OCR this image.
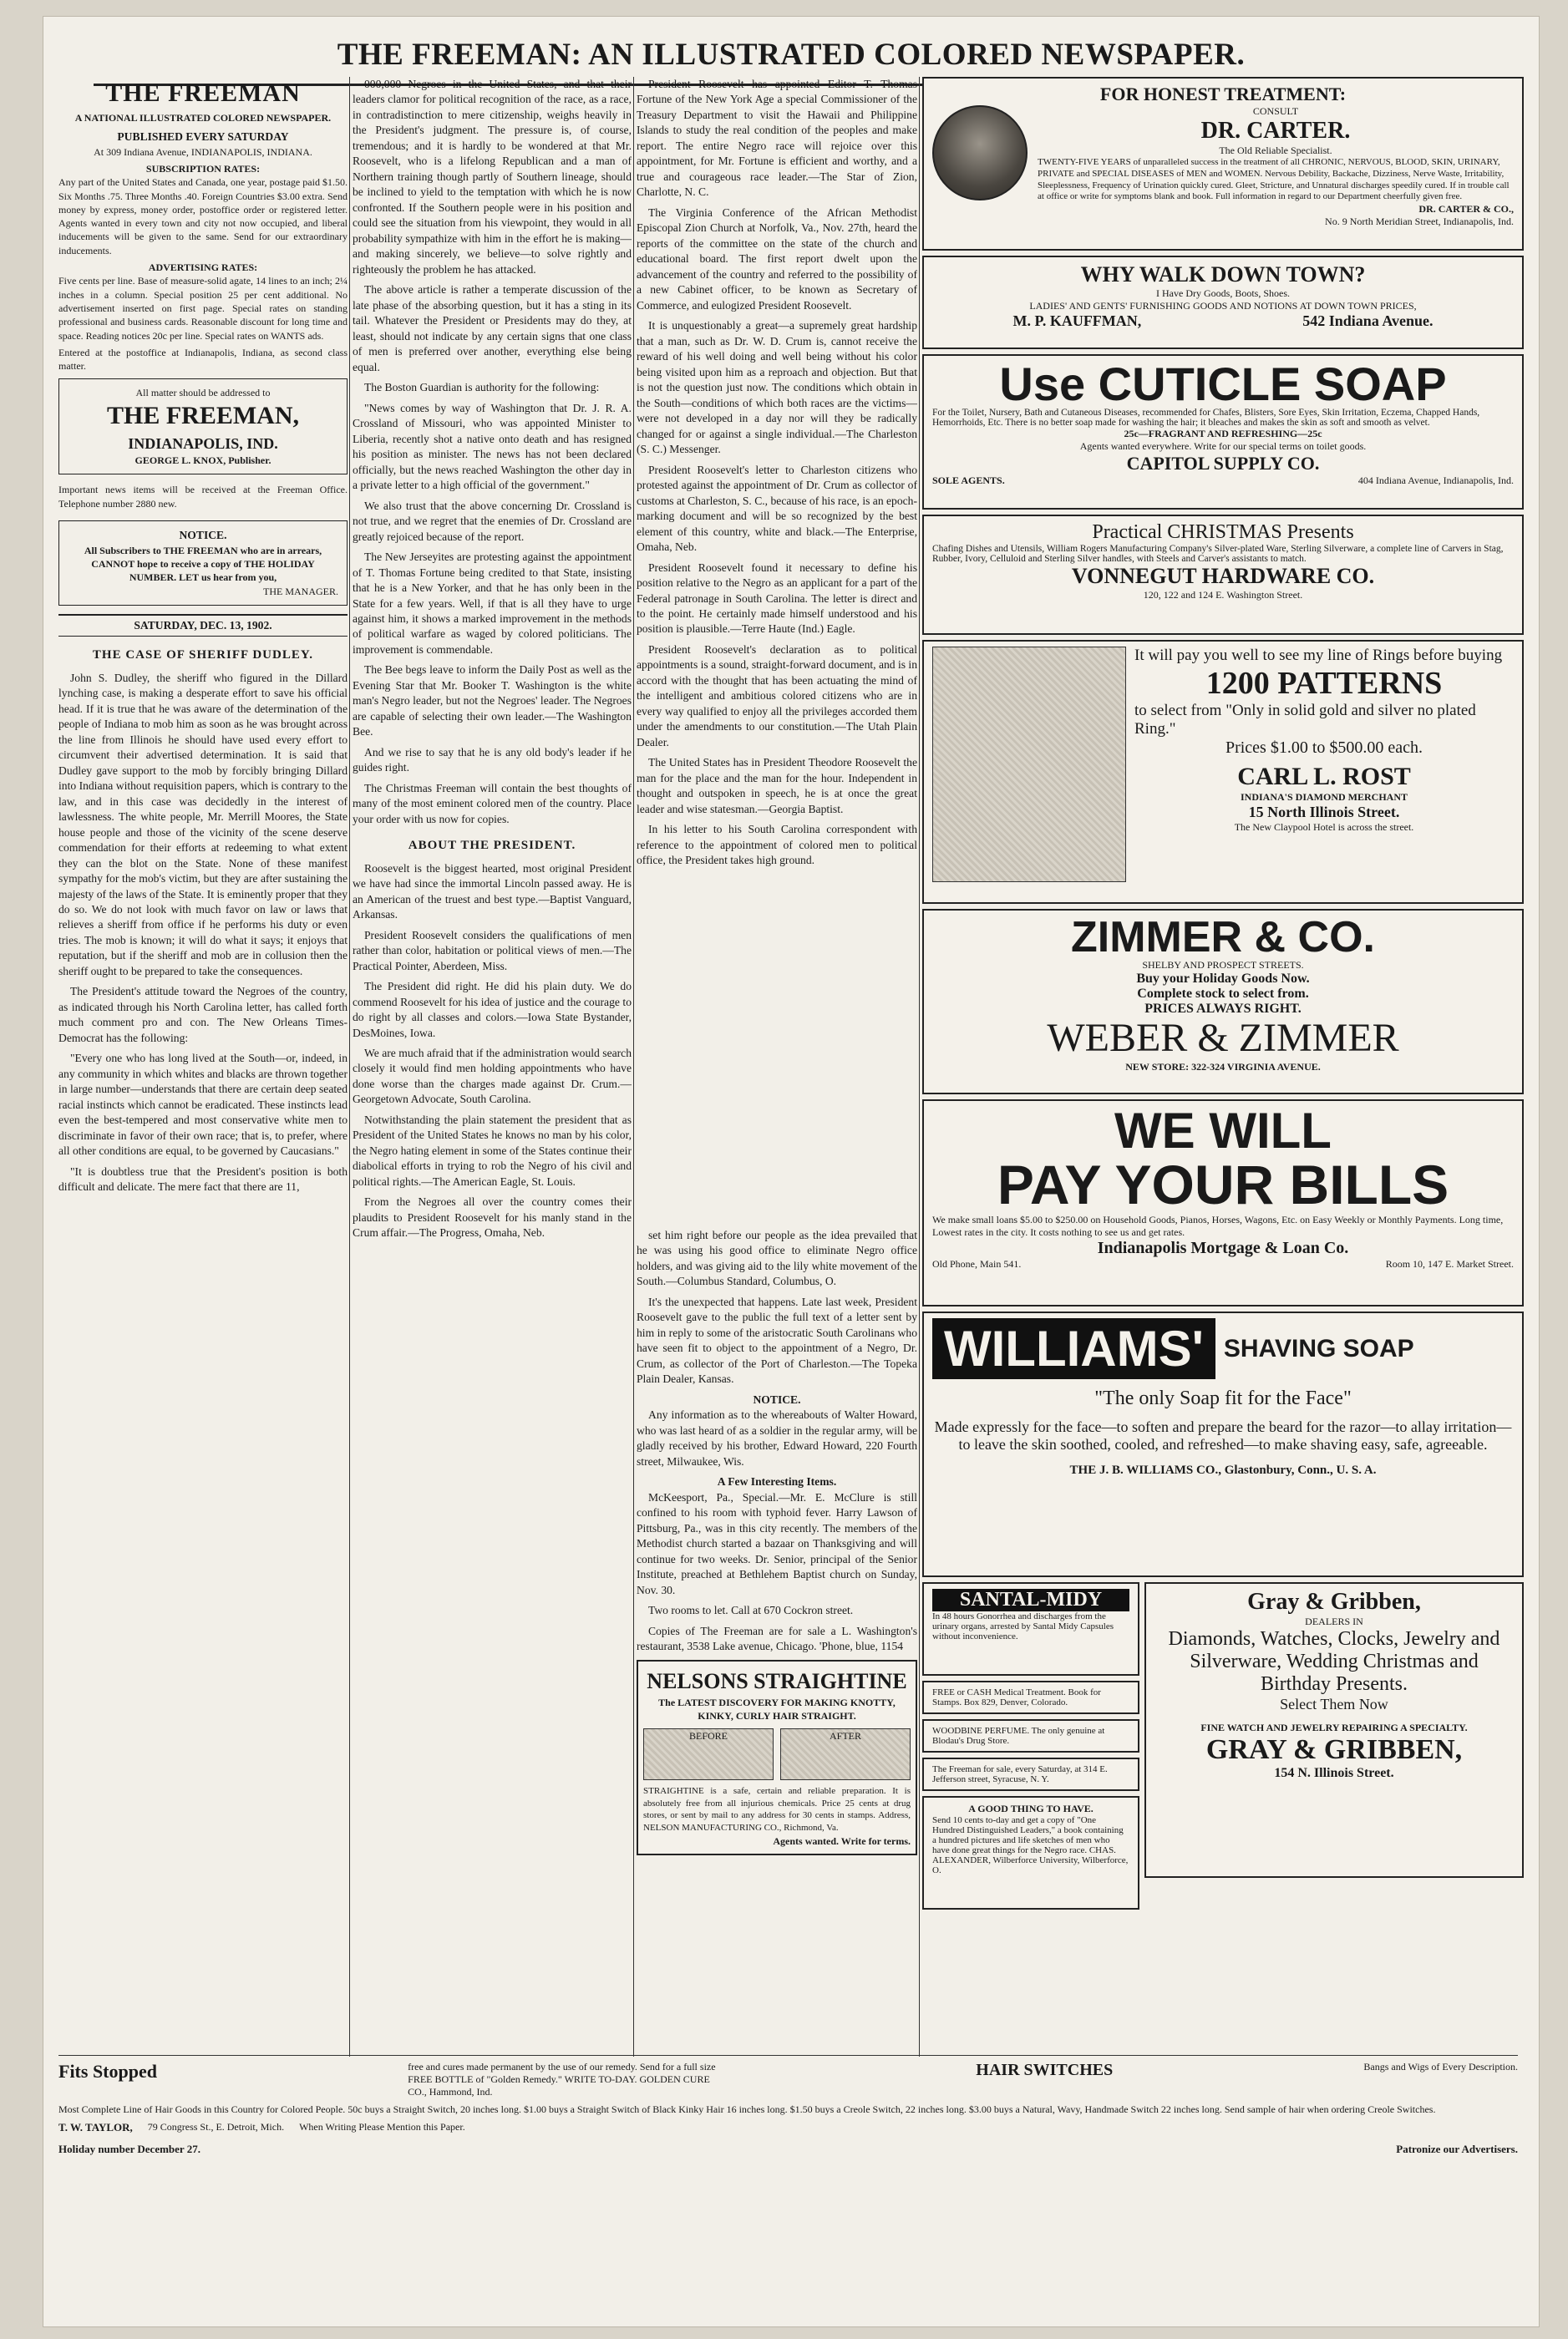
THE FREEMAN: AN ILLUSTRATED COLORED NEWSPAPER.
THE FREEMAN
A NATIONAL ILLUSTRATED COLORED NEWSPAPER.
PUBLISHED EVERY SATURDAY
At 309 Indiana Avenue, INDIANAPOLIS, INDIANA.
SUBSCRIPTION RATES:
Any part of the United States and Canada, one year, postage paid $1.50. Six Months .75. Three Months .40. Foreign Countries $3.00 extra. Send money by express, money order, postoffice order or registered letter. Agents wanted in every town and city not now occupied, and liberal inducements will be given to the same. Send for our extraordinary inducements.
ADVERTISING RATES:
Five cents per line. Base of measure-solid agate, 14 lines to an inch; 2¼ inches in a column. Special position 25 per cent additional. No advertisement inserted on first page. Special rates on standing professional and business cards. Reasonable discount for long time and space. Reading notices 20c per line. Special rates on WANTS ads.
Entered at the postoffice at Indianapolis, Indiana, as second class matter.
All matter should be addressed to
THE FREEMAN,
INDIANAPOLIS, IND.
GEORGE L. KNOX, Publisher.
Important news items will be received at the Freeman Office. Telephone number 2880 new.
NOTICE.
All Subscribers to THE FREEMAN who are in arrears, CANNOT hope to receive a copy of THE HOLIDAY NUMBER. LET us hear from you,
THE MANAGER.
SATURDAY, DEC. 13, 1902.
THE CASE OF SHERIFF DUDLEY.

John S. Dudley, the sheriff who figured in the Dillard lynching case, is making a desperate effort to save his official head. If it is true that he was aware of the determination of the people of Indiana to mob him as soon as he was brought across the line from Illinois he should have used every effort to circumvent their advertised determination. It is said that Dudley gave support to the mob by forcibly bringing Dillard into Indiana without requisition papers, which is contrary to the law, and in this case was decidedly in the interest of lawlessness. The white people, Mr. Merrill Moores, the State house people and those of the vicinity of the scene deserve commendation for their efforts at redeeming to what extent they can the blot on the State. None of these manifest sympathy for the mob's victim, but they are after sustaining the majesty of the laws of the State. It is eminently proper that they do so. We do not look with much favor on law or laws that relieves a sheriff from office if he performs his duty or even tries. The mob is known; it will do what it says; it enjoys that reputation, but if the sheriff and mob are in collusion then the sheriff ought to be prepared to take the consequences.

The President's attitude toward the Negroes of the country, as indicated through his North Carolina letter, has called forth much comment pro and con. The New Orleans Times-Democrat has the following:

"Every one who has long lived at the South—or, indeed, in any community in which whites and blacks are thrown together in large number—understands that there are certain deep seated racial instincts which cannot be eradicated. These instincts lead even the best-tempered and most conservative white men to discriminate in favor of their own race; that is, to prefer, where all other conditions are equal, to be governed by Caucasians."

"It is doubtless true that the President's position is both difficult and delicate. The mere fact that there are 11,

000,000 Negroes in the United States, and that their leaders clamor for political recognition of the race, as a race, in contradistinction to mere citizenship, weighs heavily in the President's judgment. The pressure is, of course, tremendous; and it is hardly to be wondered at that Mr. Roosevelt, who is a lifelong Republican and a man of Northern training though partly of Southern lineage, should be inclined to yield to the temptation with which he is now confronted. If the Southern people were in his position and could see the situation from his viewpoint, they would in all probability sympathize with him in the effort he is making—and making sincerely, we believe—to solve rightly and righteously the problem he has attacked.

The above article is rather a temperate discussion of the late phase of the absorbing question, but it has a sting in its tail. Whatever the President or Presidents may do they, at least, should not indicate by any certain signs that one class of men is preferred over another, everything else being equal.

The Boston Guardian is authority for the following:

"News comes by way of Washington that Dr. J. R. A. Crossland of Missouri, who was appointed Minister to Liberia, recently shot a native onto death and has resigned his position as minister. The news has not been declared officially, but the news reached Washington the other day in a private letter to a high official of the government."

We also trust that the above concerning Dr. Crossland is not true, and we regret that the enemies of Dr. Crossland are greatly rejoiced because of the report.

The New Jerseyites are protesting against the appointment of T. Thomas Fortune being credited to that State, insisting that he is a New Yorker, and that he has only been in the State for a few years. Well, if that is all they have to urge against him, it shows a marked improvement in the methods of political warfare as waged by colored politicians. The improvement is commendable.

The Bee begs leave to inform the Daily Post as well as the Evening Star that Mr. Booker T. Washington is the white man's Negro leader, but not the Negroes' leader. The Negroes are capable of selecting their own leader.—The Washington Bee.

And we rise to say that he is any old body's leader if he guides right.

The Christmas Freeman will contain the best thoughts of many of the most eminent colored men of the country. Place your order with us now for copies.

ABOUT THE PRESIDENT.

Roosevelt is the biggest hearted, most original President we have had since the immortal Lincoln passed away. He is an American of the truest and best type.—Baptist Vanguard, Arkansas.

President Roosevelt considers the qualifications of men rather than color, habitation or political views of men.—The Practical Pointer, Aberdeen, Miss.

The President did right. He did his plain duty. We do commend Roosevelt for his idea of justice and the courage to do right by all classes and colors.—Iowa State Bystander, DesMoines, Iowa.

We are much afraid that if the administration would search closely it would find men holding appointments who have done worse than the charges made against Dr. Crum.—Georgetown Advocate, South Carolina.

Notwithstanding the plain statement the president that as President of the United States he knows no man by his color, the Negro hating element in some of the States continue their diabolical efforts in trying to rob the Negro of his civil and political rights.—The American Eagle, St. Louis.

From the Negroes all over the country comes their plaudits to President Roosevelt for his manly stand in the Crum affair.—The Progress, Omaha, Neb.

President Roosevelt has appointed Editor T. Thomas Fortune of the New York Age a special Commissioner of the Treasury Department to visit the Hawaii and Philippine Islands to study the real condition of the peoples and make report. The entire Negro race will rejoice over this appointment, for Mr. Fortune is efficient and worthy, and a true and courageous race leader.—The Star of Zion, Charlotte, N. C.

The Virginia Conference of the African Methodist Episcopal Zion Church at Norfolk, Va., Nov. 27th, heard the reports of the committee on the state of the church and educational board. The first report dwelt upon the advancement of the country and referred to the possibility of a new Cabinet officer, to be known as Secretary of Commerce, and eulogized President Roosevelt.

It is unquestionably a great—a supremely great hardship that a man, such as Dr. W. D. Crum is, cannot receive the reward of his well doing and well being without his color being visited upon him as a reproach and objection. But that is not the question just now. The conditions which obtain in the South—conditions of which both races are the victims—were not developed in a day nor will they be radically changed for or against a single individual.—The Charleston (S. C.) Messenger.

President Roosevelt's letter to Charleston citizens who protested against the appointment of Dr. Crum as collector of customs at Charleston, S. C., because of his race, is an epoch-marking document and will be so recognized by the best element of this country, white and black.—The Enterprise, Omaha, Neb.

President Roosevelt found it necessary to define his position relative to the Negro as an applicant for a part of the Federal patronage in South Carolina. The letter is direct and to the point. He certainly made himself understood and his position is plausible.—Terre Haute (Ind.) Eagle.

President Roosevelt's declaration as to political appointments is a sound, straight-forward document, and is in accord with the thought that has been actuating the mind of the intelligent and ambitious colored citizens who are in every way qualified to enjoy all the privileges accorded them under the amendments to our constitution.—The Utah Plain Dealer.

The United States has in President Theodore Roosevelt the man for the place and the man for the hour. Independent in thought and outspoken in speech, he is at once the great leader and wise statesman.—Georgia Baptist.

In his letter to his South Carolina correspondent with reference to the appointment of colored men to political office, the President takes high ground.

FOR HONEST TREATMENT:
CONSULT
DR. CARTER.
The Old Reliable Specialist.
TWENTY-FIVE YEARS of unparalleled success in the treatment of all CHRONIC, NERVOUS, BLOOD, SKIN, URINARY, PRIVATE and SPECIAL DISEASES of MEN and WOMEN. Nervous Debility, Backache, Dizziness, Nerve Waste, Irritability, Sleeplessness, Frequency of Urination quickly cured. Gleet, Stricture, and Unnatural discharges speedily cured. If in trouble call at office or write for symptoms blank and book. Full information in regard to our Department cheerfully given free.
DR. CARTER & CO.,
No. 9 North Meridian Street, Indianapolis, Ind.
WHY WALK DOWN TOWN?
I Have Dry Goods, Boots, Shoes.
LADIES' AND GENTS' FURNISHING GOODS AND NOTIONS AT DOWN TOWN PRICES,
M. P. KAUFFMAN,	542 Indiana Avenue.
Use CUTICLE SOAP
For the Toilet, Nursery, Bath and Cutaneous Diseases, recommended for Chafes, Blisters, Sore Eyes, Skin Irritation, Eczema, Chapped Hands, Hemorrhoids, Etc. There is no better soap made for washing the hair; it bleaches and makes the skin as soft and smooth as velvet.
25c—FRAGRANT AND REFRESHING—25c
Agents wanted everywhere. Write for our special terms on toilet goods.
CAPITOL SUPPLY CO.
SOLE AGENTS.	404 Indiana Avenue, Indianapolis, Ind.
Practical CHRISTMAS Presents
Chafing Dishes and Utensils, William Rogers Manufacturing Company's Silver-plated Ware, Sterling Silverware, a complete line of Carvers in Stag, Rubber, Ivory, Celluloid and Sterling Silver handles, with Steels and Carver's assistants to match.
VONNEGUT HARDWARE CO.
120, 122 and 124 E. Washington Street.
It will pay you well to see my line of Rings before buying
1200 PATTERNS
to select from "Only in solid gold and silver no plated Ring."
Prices $1.00 to $500.00 each.
CARL L. ROST
INDIANA'S DIAMOND MERCHANT
15 North Illinois Street.
The New Claypool Hotel is across the street.
ZIMMER & CO.
SHELBY AND PROSPECT STREETS.
Buy your Holiday Goods Now.
Complete stock to select from.
PRICES ALWAYS RIGHT.
WEBER & ZIMMER
NEW STORE: 322-324 VIRGINIA AVENUE.
WE WILL
PAY YOUR BILLS
We make small loans $5.00 to $250.00 on Household Goods, Pianos, Horses, Wagons, Etc. on Easy Weekly or Monthly Payments. Long time, Lowest rates in the city. It costs nothing to see us and get rates.
Indianapolis Mortgage & Loan Co.
Old Phone, Main 541.	Room 10, 147 E. Market Street.
WILLIAMS' SHAVING SOAP
"The only Soap fit for the Face"
Made expressly for the face—to soften and prepare the beard for the razor—to allay irritation—to leave the skin soothed, cooled, and refreshed—to make shaving easy, safe, agreeable.
THE J. B. WILLIAMS CO., Glastonbury, Conn., U. S. A.
SANTAL-MIDY
In 48 hours Gonorrhea and discharges from the urinary organs, arrested by Santal Midy Capsules without inconvenience.
FREE or CASH Medical Treatment. Book for Stamps. Box 829, Denver, Colorado.
WOODBINE PERFUME. The only genuine at Blodau's Drug Store.
The Freeman for sale, every Saturday, at 314 E. Jefferson street, Syracuse, N. Y.
A GOOD THING TO HAVE.
Send 10 cents to-day and get a copy of "One Hundred Distinguished Leaders," a book containing a hundred pictures and life sketches of men who have done great things for the Negro race. CHAS. ALEXANDER, Wilberforce University, Wilberforce, O.
Gray & Gribben,
DEALERS IN
Diamonds, Watches, Clocks, Jewelry and Silverware, Wedding Christmas and Birthday Presents.
Select Them Now
FINE WATCH AND JEWELRY REPAIRING A SPECIALTY.
GRAY & GRIBBEN,
154 N. Illinois Street.

set him right before our people as the idea prevailed that he was using his good office to eliminate Negro office holders, and was giving aid to the lily white movement of the South.—Columbus Standard, Columbus, O.

It's the unexpected that happens. Late last week, President Roosevelt gave to the public the full text of a letter sent by him in reply to some of the aristocratic South Carolinans who have seen fit to object to the appointment of a Negro, Dr. Crum, as collector of the Port of Charleston.—The Topeka Plain Dealer, Kansas.

NOTICE.

Any information as to the whereabouts of Walter Howard, who was last heard of as a soldier in the regular army, will be gladly received by his brother, Edward Howard, 220 Fourth street, Milwaukee, Wis.

A Few Interesting Items.

McKeesport, Pa., Special.—Mr. E. McClure is still confined to his room with typhoid fever. Harry Lawson of Pittsburg, Pa., was in this city recently. The members of the Methodist church started a bazaar on Thanksgiving and will continue for two weeks. Dr. Senior, principal of the Senior Institute, preached at Bethlehem Baptist church on Sunday, Nov. 30.

Two rooms to let. Call at 670 Cockron street.

Copies of The Freeman are for sale a L. Washington's restaurant, 3538 Lake avenue, Chicago. 'Phone, blue, 1154

NELSONS STRAIGHTINE
The LATEST DISCOVERY FOR MAKING KNOTTY, KINKY, CURLY HAIR STRAIGHT.
BEFORE	AFTER
STRAIGHTINE is a safe, certain and reliable preparation. It is absolutely free from all injurious chemicals. Price 25 cents at drug stores, or sent by mail to any address for 30 cents in stamps. Address, NELSON MANUFACTURING CO., Richmond, Va.
Agents wanted. Write for terms.
Fits Stopped	free and cures made permanent by the use of our remedy. Send for a full size FREE BOTTLE of "Golden Remedy." WRITE TO-DAY. GOLDEN CURE CO., Hammond, Ind.
HAIR SWITCHES	Bangs and Wigs of Every Description.
Most Complete Line of Hair Goods in this Country for Colored People. 50c buys a Straight Switch, 20 inches long. $1.00 buys a Straight Switch of Black Kinky Hair 16 inches long. $1.50 buys a Creole Switch, 22 inches long. $3.00 buys a Natural, Wavy, Handmade Switch 22 inches long. Send sample of hair when ordering Creole Switches.
T. W. TAYLOR, 79 Congress St., E. Detroit, Mich. When Writing Please Mention this Paper.
Holiday number December 27.	Patronize our Advertisers.
